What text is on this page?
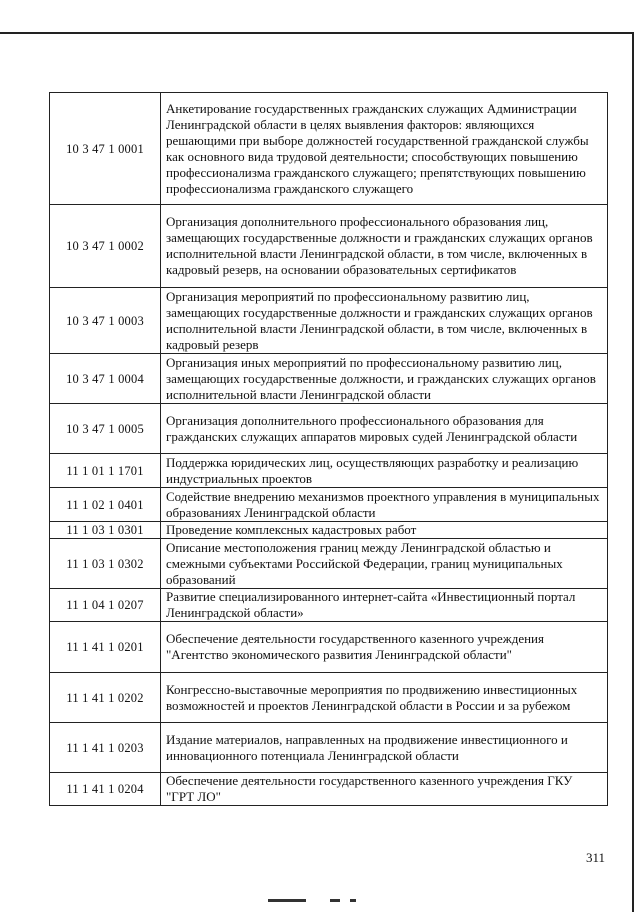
10 3 47 1 0001	Анкетирование государственных гражданских служащих Администрации Ленинградской области в целях выявления факторов: являющихся решающими при выборе должностей государственной гражданской службы как основного вида трудовой деятельности; способствующих повышению профессионализма гражданского служащего; препятствующих повышению профессионализма гражданского служащего
10 3 47 1 0002	Организация дополнительного профессионального образования лиц, замещающих государственные должности и гражданских служащих органов исполнительной власти Ленинградской области, в том числе, включенных в кадровый резерв, на основании образовательных сертификатов
10 3 47 1 0003	Организация мероприятий по профессиональному развитию лиц, замещающих государственные должности и гражданских служащих органов исполнительной власти Ленинградской области, в том числе, включенных в кадровый резерв
10 3 47 1 0004	Организация иных мероприятий по профессиональному развитию лиц, замещающих государственные должности, и гражданских служащих органов исполнительной власти Ленинградской области
10 3 47 1 0005	Организация дополнительного профессионального образования для гражданских служащих аппаратов мировых судей Ленинградской области
11 1 01 1 1701	Поддержка юридических лиц, осуществляющих разработку и реализацию индустриальных проектов
11 1 02 1 0401	Содействие внедрению механизмов проектного управления в муниципальных образованиях Ленинградской области
11 1 03 1 0301	Проведение комплексных кадастровых работ
11 1 03 1 0302	Описание местоположения границ между Ленинградской областью и смежными субъектами Российской Федерации, границ муниципальных образований
11 1 04 1 0207	Развитие специализированного интернет-сайта «Инвестиционный портал Ленинградской области»
11 1 41 1 0201	Обеспечение деятельности государственного казенного учреждения "Агентство экономического развития Ленинградской области"
11 1 41 1 0202	Конгрессно-выставочные мероприятия по продвижению инвестиционных возможностей и проектов Ленинградской области в России и за рубежом
11 1 41 1 0203	Издание материалов, направленных на продвижение инвестиционного и инновационного потенциала Ленинградской области
11 1 41 1 0204	Обеспечение деятельности государственного казенного учреждения ГКУ "ГРТ ЛО"
311
